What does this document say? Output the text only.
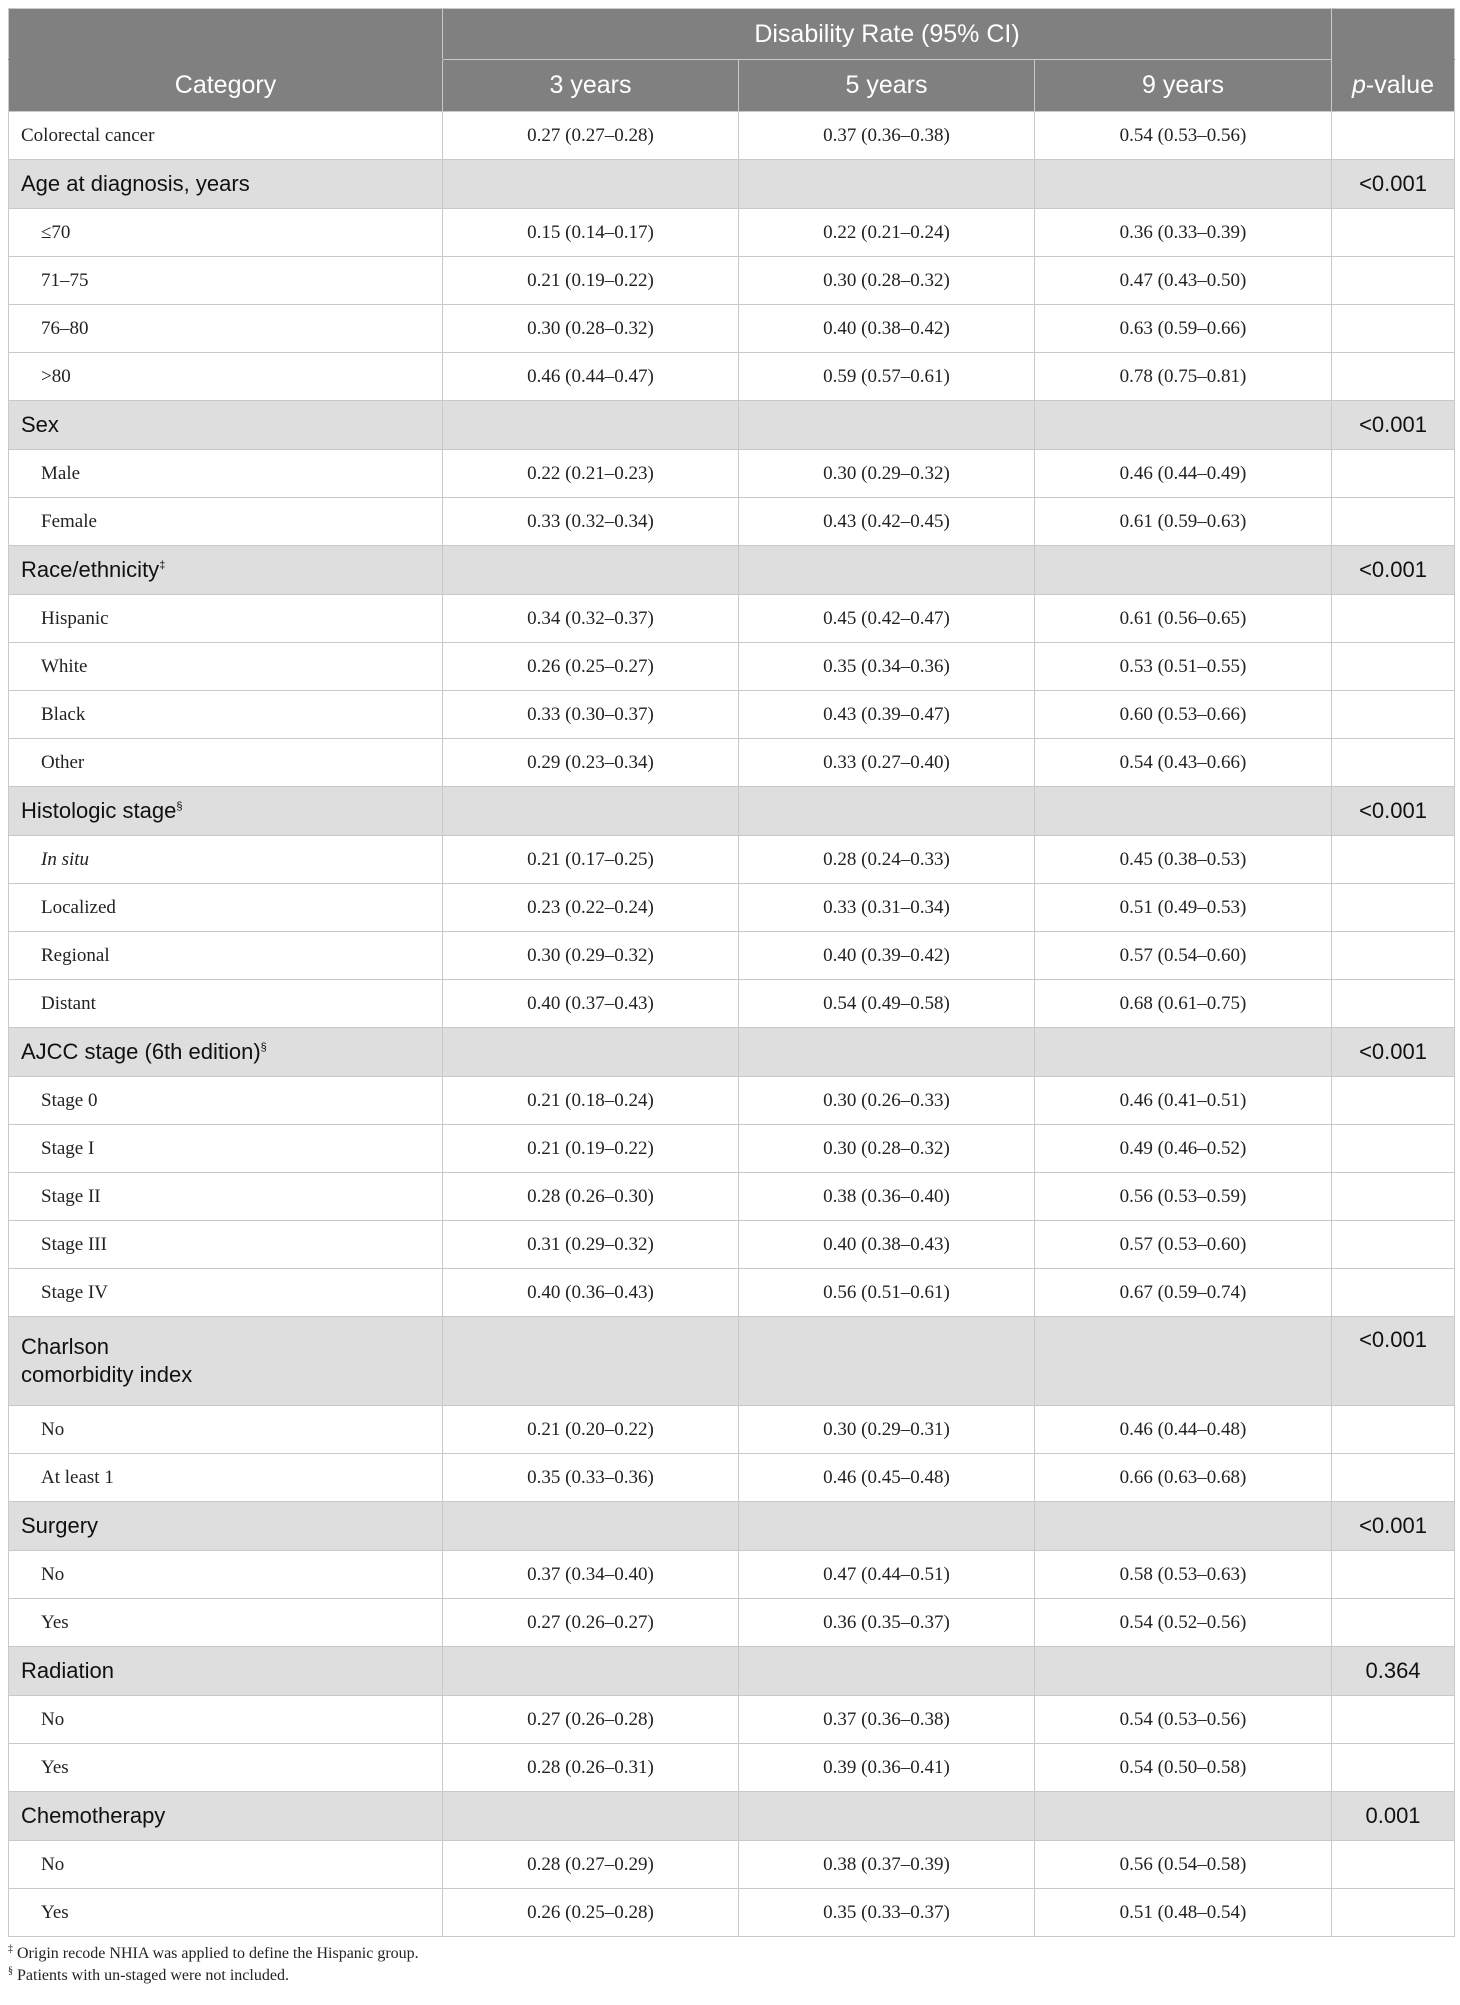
	Disability Rate (95% CI)			
Category	3 years	5 years	9 years	p-value
Colorectal cancer	0.27 (0.27–0.28)	0.37 (0.36–0.38)	0.54 (0.53–0.56)	
Age at diagnosis, years				<0.001
≤70	0.15 (0.14–0.17)	0.22 (0.21–0.24)	0.36 (0.33–0.39)	
71–75	0.21 (0.19–0.22)	0.30 (0.28–0.32)	0.47 (0.43–0.50)	
76–80	0.30 (0.28–0.32)	0.40 (0.38–0.42)	0.63 (0.59–0.66)	
>80	0.46 (0.44–0.47)	0.59 (0.57–0.61)	0.78 (0.75–0.81)	
Sex				<0.001
Male	0.22 (0.21–0.23)	0.30 (0.29–0.32)	0.46 (0.44–0.49)	
Female	0.33 (0.32–0.34)	0.43 (0.42–0.45)	0.61 (0.59–0.63)	
Race/ethnicity‡				<0.001
Hispanic	0.34 (0.32–0.37)	0.45 (0.42–0.47)	0.61 (0.56–0.65)	
White	0.26 (0.25–0.27)	0.35 (0.34–0.36)	0.53 (0.51–0.55)	
Black	0.33 (0.30–0.37)	0.43 (0.39–0.47)	0.60 (0.53–0.66)	
Other	0.29 (0.23–0.34)	0.33 (0.27–0.40)	0.54 (0.43–0.66)	
Histologic stage§				<0.001
In situ	0.21 (0.17–0.25)	0.28 (0.24–0.33)	0.45 (0.38–0.53)	
Localized	0.23 (0.22–0.24)	0.33 (0.31–0.34)	0.51 (0.49–0.53)	
Regional	0.30 (0.29–0.32)	0.40 (0.39–0.42)	0.57 (0.54–0.60)	
Distant	0.40 (0.37–0.43)	0.54 (0.49–0.58)	0.68 (0.61–0.75)	
AJCC stage (6th edition)§				<0.001
Stage 0	0.21 (0.18–0.24)	0.30 (0.26–0.33)	0.46 (0.41–0.51)	
Stage I	0.21 (0.19–0.22)	0.30 (0.28–0.32)	0.49 (0.46–0.52)	
Stage II	0.28 (0.26–0.30)	0.38 (0.36–0.40)	0.56 (0.53–0.59)	
Stage III	0.31 (0.29–0.32)	0.40 (0.38–0.43)	0.57 (0.53–0.60)	
Stage IV	0.40 (0.36–0.43)	0.56 (0.51–0.61)	0.67 (0.59–0.74)	
Charlson
comorbidity index				<0.001
No	0.21 (0.20–0.22)	0.30 (0.29–0.31)	0.46 (0.44–0.48)	
At least 1	0.35 (0.33–0.36)	0.46 (0.45–0.48)	0.66 (0.63–0.68)	
Surgery				<0.001
No	0.37 (0.34–0.40)	0.47 (0.44–0.51)	0.58 (0.53–0.63)	
Yes	0.27 (0.26–0.27)	0.36 (0.35–0.37)	0.54 (0.52–0.56)	
Radiation				0.364
No	0.27 (0.26–0.28)	0.37 (0.36–0.38)	0.54 (0.53–0.56)	
Yes	0.28 (0.26–0.31)	0.39 (0.36–0.41)	0.54 (0.50–0.58)	
Chemotherapy				0.001
No	0.28 (0.27–0.29)	0.38 (0.37–0.39)	0.56 (0.54–0.58)	
Yes	0.26 (0.25–0.28)	0.35 (0.33–0.37)	0.51 (0.48–0.54)	
‡ Origin recode NHIA was applied to define the Hispanic group.
§ Patients with un-staged were not included.
